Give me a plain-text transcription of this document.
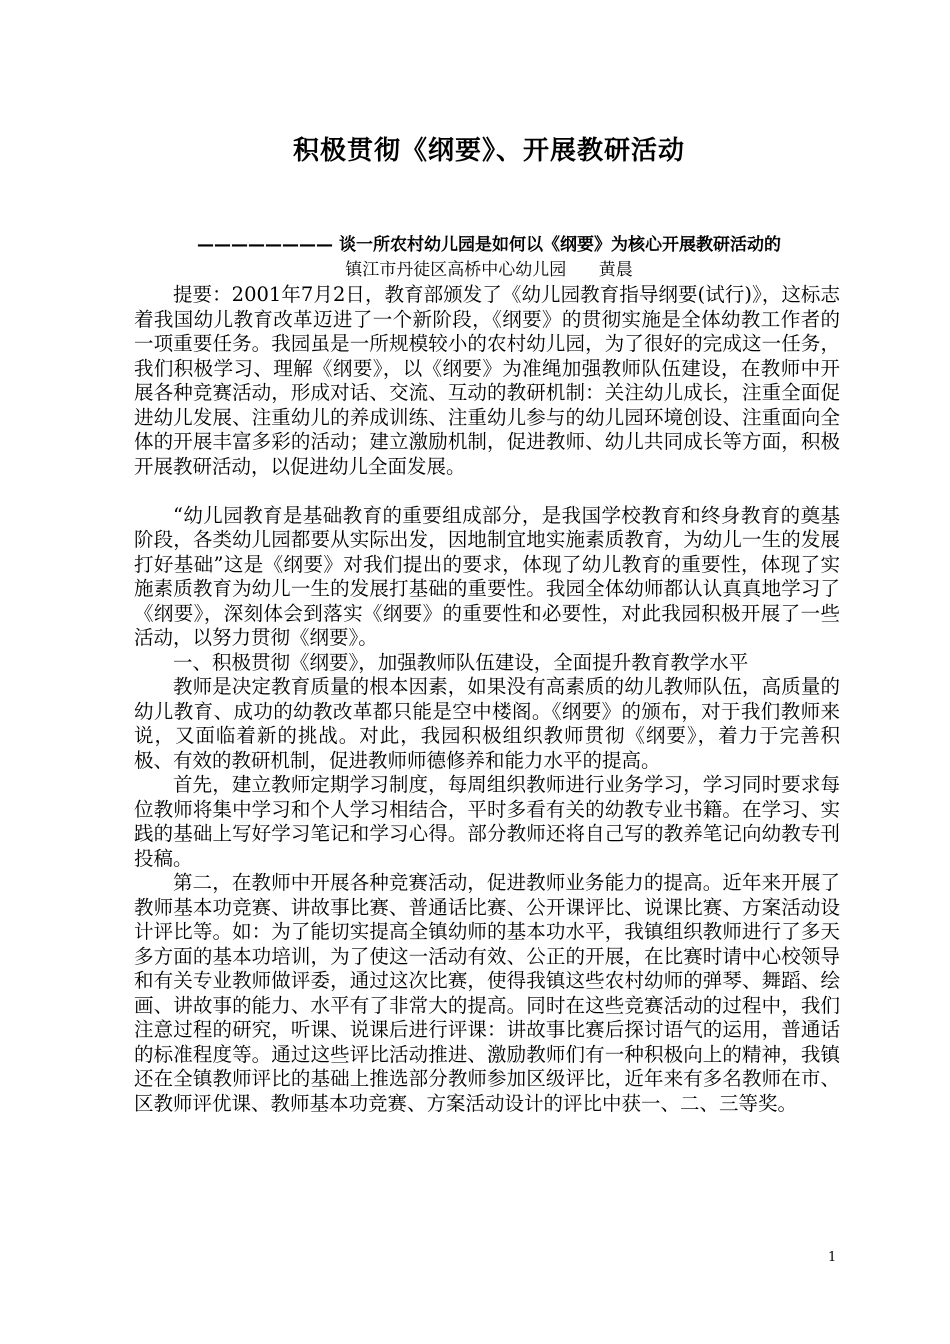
积极贯彻《纲要》、开展教研活动
———————— 谈一所农村幼儿园是如何以《纲要》为核心开展教研活动的
镇江市丹徒区高桥中心幼儿园      黄晨

提要：2001年7月2日，教育部颁发了《幼儿园教育指导纲要(试行)》，这标志着我国幼儿教育改革迈进了一个新阶段，《纲要》的贯彻实施是全体幼教工作者的一项重要任务。我园虽是一所规模较小的农村幼儿园，为了很好的完成这一任务，我们积极学习、理解《纲要》，以《纲要》为准绳加强教师队伍建设，在教师中开展各种竞赛活动，形成对话、交流、互动的教研机制：关注幼儿成长，注重全面促进幼儿发展、注重幼儿的养成训练、注重幼儿参与的幼儿园环境创设、注重面向全体的开展丰富多彩的活动；建立激励机制，促进教师、幼儿共同成长等方面，积极开展教研活动，以促进幼儿全面发展。

“幼儿园教育是基础教育的重要组成部分，是我国学校教育和终身教育的奠基阶段，各类幼儿园都要从实际出发，因地制宜地实施素质教育，为幼儿一生的发展打好基础”这是《纲要》对我们提出的要求，体现了幼儿教育的重要性，体现了实施素质教育为幼儿一生的发展打基础的重要性。我园全体幼师都认认真真地学习了《纲要》，深刻体会到落实《纲要》的重要性和必要性，对此我园积极开展了一些活动，以努力贯彻《纲要》。

一、积极贯彻《纲要》，加强教师队伍建设，全面提升教育教学水平

教师是决定教育质量的根本因素，如果没有高素质的幼儿教师队伍，高质量的幼儿教育、成功的幼教改革都只能是空中楼阁。《纲要》的颁布，对于我们教师来说，又面临着新的挑战。对此，我园积极组织教师贯彻《纲要》，着力于完善积极、有效的教研机制，促进教师师德修养和能力水平的提高。

首先，建立教师定期学习制度，每周组织教师进行业务学习，学习同时要求每位教师将集中学习和个人学习相结合，平时多看有关的幼教专业书籍。在学习、实践的基础上写好学习笔记和学习心得。部分教师还将自己写的教养笔记向幼教专刊投稿。

第二，在教师中开展各种竞赛活动，促进教师业务能力的提高。近年来开展了教师基本功竞赛、讲故事比赛、普通话比赛、公开课评比、说课比赛、方案活动设计评比等。如：为了能切实提高全镇幼师的基本功水平，我镇组织教师进行了多天多方面的基本功培训，为了使这一活动有效、公正的开展，在比赛时请中心校领导和有关专业教师做评委，通过这次比赛，使得我镇这些农村幼师的弹琴、舞蹈、绘画、讲故事的能力、水平有了非常大的提高。同时在这些竞赛活动的过程中，我们注意过程的研究，听课、说课后进行评课：讲故事比赛后探讨语气的运用，普通话的标准程度等。通过这些评比活动推进、激励教师们有一种积极向上的精神，我镇还在全镇教师评比的基础上推选部分教师参加区级评比，近年来有多名教师在市、区教师评优课、教师基本功竞赛、方案活动设计的评比中获一、二、三等奖。

1
